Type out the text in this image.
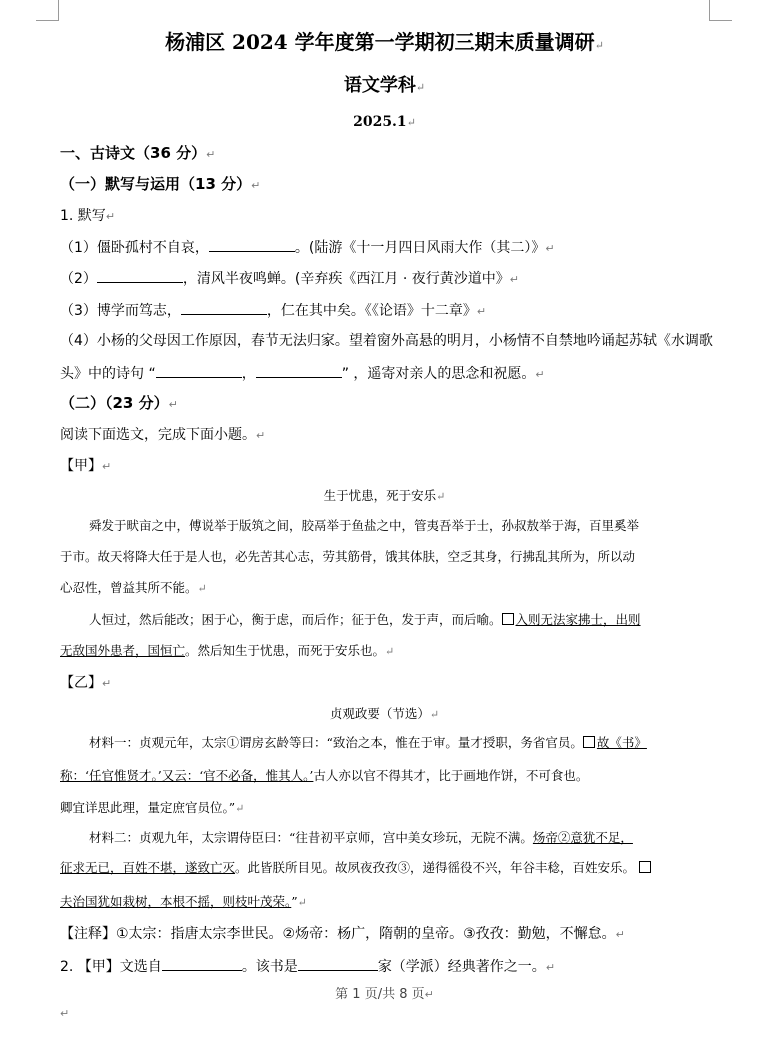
杨浦区 2024 学年度第一学期初三期末质量调研↵
语文学科↵
2025.1↵
一、古诗文（36 分）↵
（一）默写与运用（13 分）↵
1. 默写↵
（1）僵卧孤村不自哀，	。(陆游《十一月四日风雨大作（其二）》↵
（2）	，清风半夜鸣蝉。(辛弃疾《西江月 · 夜行黄沙道中》↵
（3）博学而笃志，	，仁在其中矣。《《论语》十二章》↵
（4）小杨的父母因工作原因，春节无法归家。望着窗外高悬的明月，小杨情不自禁地吟诵起苏轼《水调歌
头》中的诗句 “	，	” ，遥寄对亲人的思念和祝愿。↵
（二）（23 分）↵
阅读下面选文，完成下面小题。↵
【甲】↵
生于忧患，死于安乐↵
舜发于畎亩之中，傅说举于版筑之间，胶鬲举于鱼盐之中，管夷吾举于士，孙叔敖举于海，百里奚举
于市。故天将降大任于是人也，必先苦其心志，劳其筋骨，饿其体肤，空乏其身，行拂乱其所为，所以动
心忍性，曾益其所不能。↵
人恒过，然后能改；困于心，衡于虑，而后作；征于色，发于声，而后喻。 入则无法家拂士，出则
无敌国外患者，国恒亡。然后知生于忧患，而死于安乐也。↵
【乙】↵
贞观政要（节选）↵
材料一：贞观元年，太宗①谓房玄龄等曰：“致治之本，惟在于审。量才授职，务省官员。 故《书》
称：‘任官惟贤才。’又云：‘官不必备，惟其人。’古人亦以官不得其才，比于画地作饼，不可食也。
卿宜详思此理，量定庶官员位。”↵
材料二：贞观九年，太宗谓侍臣曰：“往昔初平京师，宫中美女珍玩，无院不满。炀帝②意犹不足，
征求无已，百姓不堪，遂致亡灭。此皆朕所目见。故夙夜孜孜③，递得徭役不兴，年谷丰稔，百姓安乐。
夫治国犹如栽树，本根不摇，则枝叶茂荣。”↵
【注释】①太宗：指唐太宗李世民。②炀帝：杨广，隋朝的皇帝。③孜孜：勤勉，不懈怠。↵
2. 【甲】文选自	。该书是	家（学派）经典著作之一。↵
第 1 页/共 8 页↵
↵
